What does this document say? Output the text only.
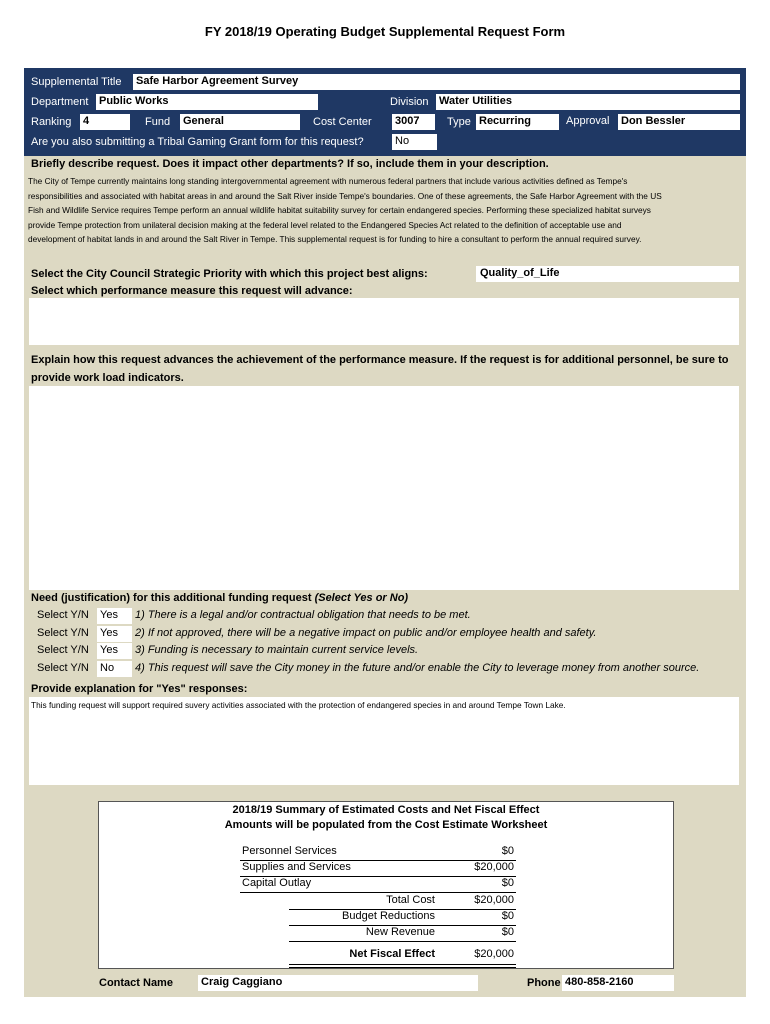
FY 2018/19 Operating Budget Supplemental Request Form
Supplemental Title Safe Harbor Agreement Survey
Department Public Works	Division Water Utilities
Ranking 4	Fund General	Cost Center 3007	Type Recurring	Approval Don Bessler
Are you also submitting a Tribal Gaming Grant form for this request?	No
Briefly describe request. Does it impact other departments? If so, include them in your description.
The City of Tempe currently maintains long standing intergovernmental agreement with numerous federal partners that include various activities defined as Tempe's
responsibilities and associated with habitat areas in and around the Salt River inside Tempe's boundaries. One of these agreements, the Safe Harbor Agreement with the US
Fish and Wildlife Service requires Tempe perform an annual wildlife habitat suitability survey for certain endangered species. Performing these specialized habitat surveys
provide Tempe protection from unilateral decision making at the federal level related to the Endangered Species Act related to the definition of acceptable use and
development of habitat lands in and around the Salt River in Tempe. This supplemental request is for funding to hire a consultant to perform the annual required survey.
Select the City Council Strategic Priority with which this project best aligns:	Quality_of_Life
Select which performance measure this request will advance:
Explain how this request advances the achievement of the performance measure. If the request is for additional personnel, be sure to
provide work load indicators.
Need (justification) for this additional funding request (Select Yes or No)
Select Y/N Yes	1) There is a legal and/or contractual obligation that needs to be met.
Select Y/N Yes	2) If not approved, there will be a negative impact on public and/or employee health and safety.
Select Y/N Yes	3) Funding is necessary to maintain current service levels.
Select Y/N No	4) This request will save the City money in the future and/or enable the City to leverage money from another source.
Provide explanation for "Yes" responses:
This funding request will support required suvery activities associated with the protection of endangered species in and around Tempe Town Lake.
2018/19 Summary of Estimated Costs and Net Fiscal Effect
Amounts will be populated from the Cost Estimate Worksheet
Personnel Services	$0
Supplies and Services	$20,000
Capital Outlay	$0
Total Cost	$20,000
Budget Reductions	$0
New Revenue	$0
Net Fiscal Effect	$20,000
Contact Name	Craig Caggiano	Phone 480-858-2160
